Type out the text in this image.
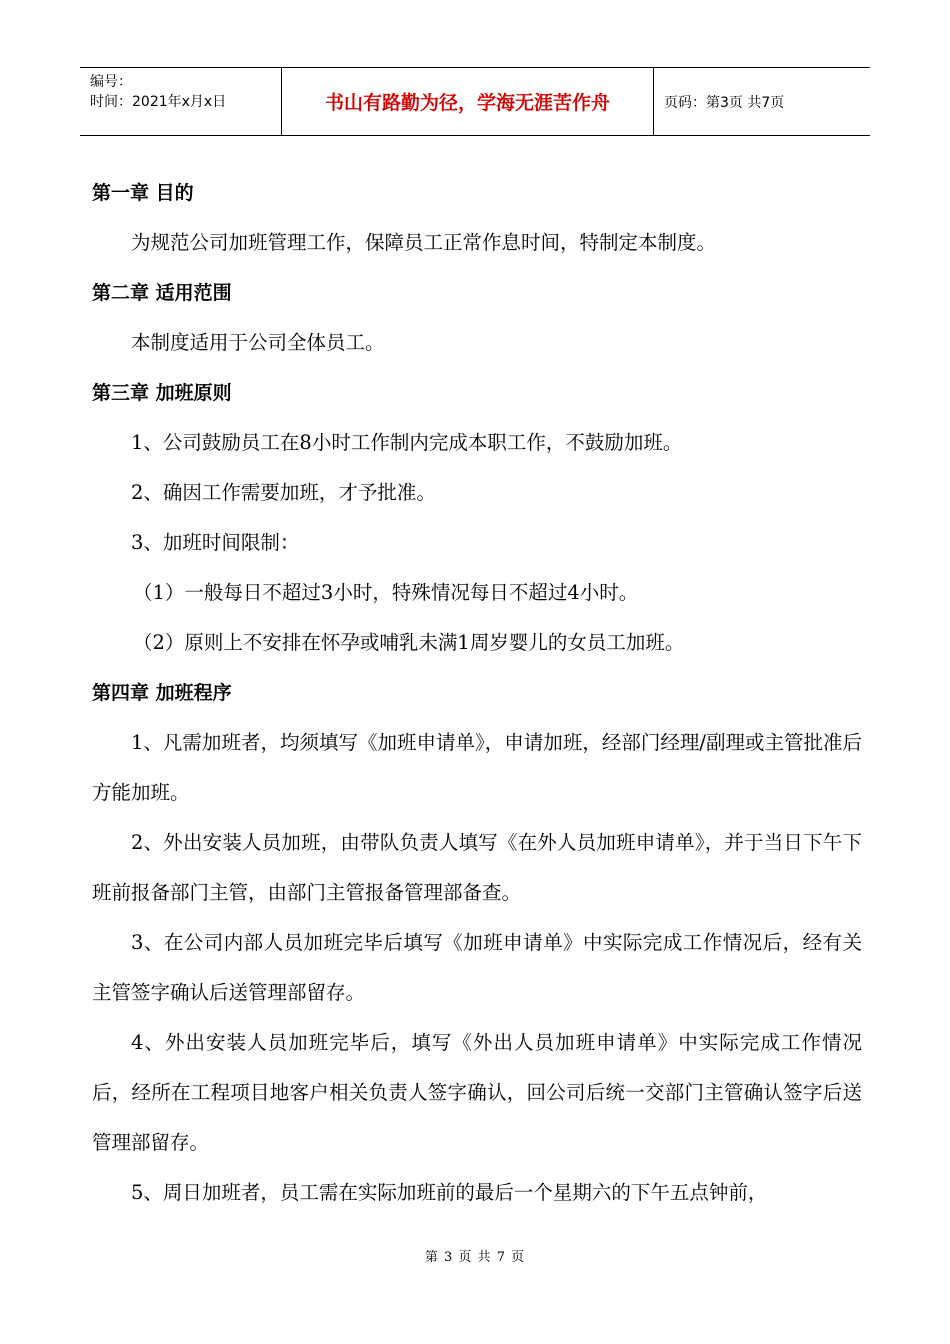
编号：
时间：2021年x月x日	书山有路勤为径，学海无涯苦作舟	页码：第3页 共7页

第一章 目的

为规范公司加班管理工作，保障员工正常作息时间，特制定本制度。

第二章 适用范围

本制度适用于公司全体员工。

第三章 加班原则

1、公司鼓励员工在8小时工作制内完成本职工作，不鼓励加班。

2、确因工作需要加班，才予批准。

3、加班时间限制：

（1）一般每日不超过3小时，特殊情况每日不超过4小时。

（2）原则上不安排在怀孕或哺乳未满1周岁婴儿的女员工加班。

第四章 加班程序

1、凡需加班者，均须填写《加班申请单》，申请加班，经部门经理/副理或主管批准后方能加班。

2、外出安装人员加班，由带队负责人填写《在外人员加班申请单》，并于当日下午下班前报备部门主管，由部门主管报备管理部备查。

3、在公司内部人员加班完毕后填写《加班申请单》中实际完成工作情况后，经有关主管签字确认后送管理部留存。

4、外出安装人员加班完毕后，填写《外出人员加班申请单》中实际完成工作情况后，经所在工程项目地客户相关负责人签字确认，回公司后统一交部门主管确认签字后送管理部留存。

5、周日加班者，员工需在实际加班前的最后一个星期六的下午五点钟前，

第 3 页 共 7 页
